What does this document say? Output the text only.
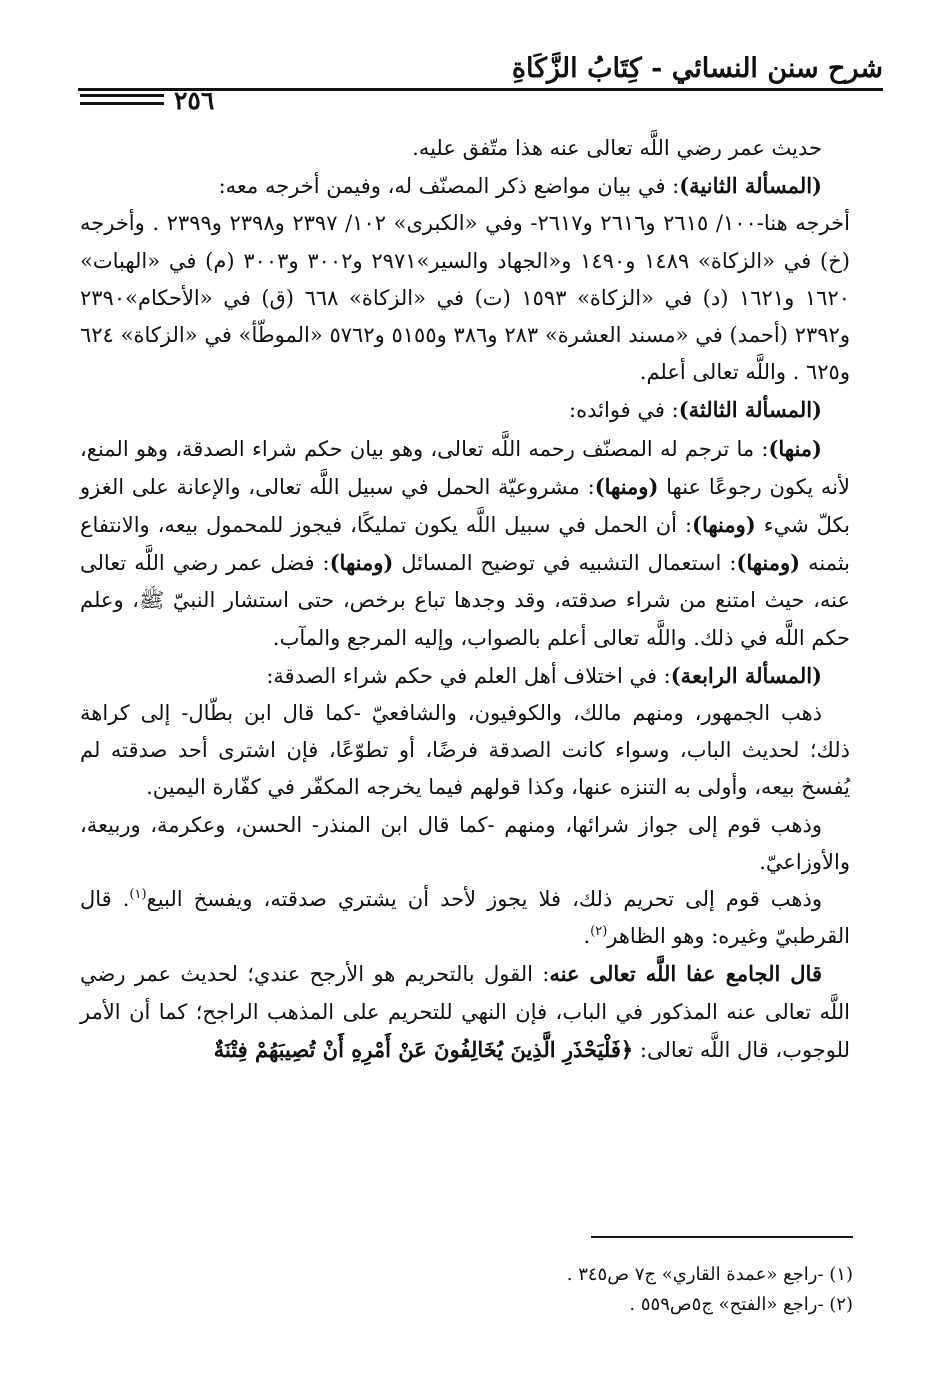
شرح سنن النسائي - كِتَابُ الزَّكَاةِ
٢٥٦

حديث عمر رضي اللَّه تعالى عنه هذا متّفق عليه.

(المسألة الثانية): في بيان مواضع ذكر المصنّف له، وفيمن أخرجه معه:

أخرجه هنا-١٠٠/ ٢٦١٥ و٢٦١٦ و٢٦١٧- وفي «الكبرى» ١٠٢/ ٢٣٩٧ و٢٣٩٨ و٢٣٩٩ . وأخرجه (خ) في «الزكاة» ١٤٨٩ و١٤٩٠ و«الجهاد والسير»٢٩٧١ و٣٠٠٢ و٣٠٠٣ (م) في «الهبات» ١٦٢٠ و١٦٢١ (د) في «الزكاة» ١٥٩٣ (ت) في «الزكاة» ٦٦٨ (ق) في «الأحكام»٢٣٩٠ و٢٣٩٢ (أحمد) في «مسند العشرة» ٢٨٣ و٣٨٦ و٥١٥٥ و٥٧٦٢ «الموطّأ» في «الزكاة» ٦٢٤ و٦٢٥ . واللَّه تعالى أعلم.

(المسألة الثالثة): في فوائده:

(منها): ما ترجم له المصنّف رحمه اللَّه تعالى، وهو بيان حكم شراء الصدقة، وهو المنع، لأنه يكون رجوعًا عنها (ومنها): مشروعيّة الحمل في سبيل اللَّه تعالى، والإعانة على الغزو بكلّ شيء (ومنها): أن الحمل في سبيل اللَّه يكون تمليكًا، فيجوز للمحمول بيعه، والانتفاع بثمنه (ومنها): استعمال التشبيه في توضيح المسائل (ومنها): فضل عمر رضي اللَّه تعالى عنه، حيث امتنع من شراء صدقته، وقد وجدها تباع برخص، حتى استشار النبيّ ﷺ، وعلم حكم اللَّه في ذلك. واللَّه تعالى أعلم بالصواب، وإليه المرجع والمآب.

(المسألة الرابعة): في اختلاف أهل العلم في حكم شراء الصدقة:

ذهب الجمهور، ومنهم مالك، والكوفيون، والشافعيّ -كما قال ابن بطّال- إلى كراهة ذلك؛ لحديث الباب، وسواء كانت الصدقة فرضًا، أو تطوّعًا، فإن اشترى أحد صدقته لم يُفسخ بيعه، وأولى به التنزه عنها، وكذا قولهم فيما يخرجه المكفّر في كفّارة اليمين.

وذهب قوم إلى جواز شرائها، ومنهم -كما قال ابن المنذر- الحسن، وعكرمة، وربيعة، والأوزاعيّ.

وذهب قوم إلى تحريم ذلك، فلا يجوز لأحد أن يشتري صدقته، ويفسخ البيع$^{(١)}$. قال القرطبيّ وغيره: وهو الظاهر$^{(٢)}$.

قال الجامع عفا اللَّه تعالى عنه: القول بالتحريم هو الأرجح عندي؛ لحديث عمر رضي اللَّه تعالى عنه المذكور في الباب، فإن النهي للتحريم على المذهب الراجح؛ كما أن الأمر للوجوب، قال اللَّه تعالى: ﴿فَلْيَحْذَرِ الَّذِينَ يُخَالِفُونَ عَنْ أَمْرِهِ أَنْ تُصِيبَهُمْ فِتْنَةٌ

(١) -راجع «عمدة القاري» ج٧ ص٣٤٥ .

(٢) -راجع «الفتح» ج٥ص٥٥٩ .
